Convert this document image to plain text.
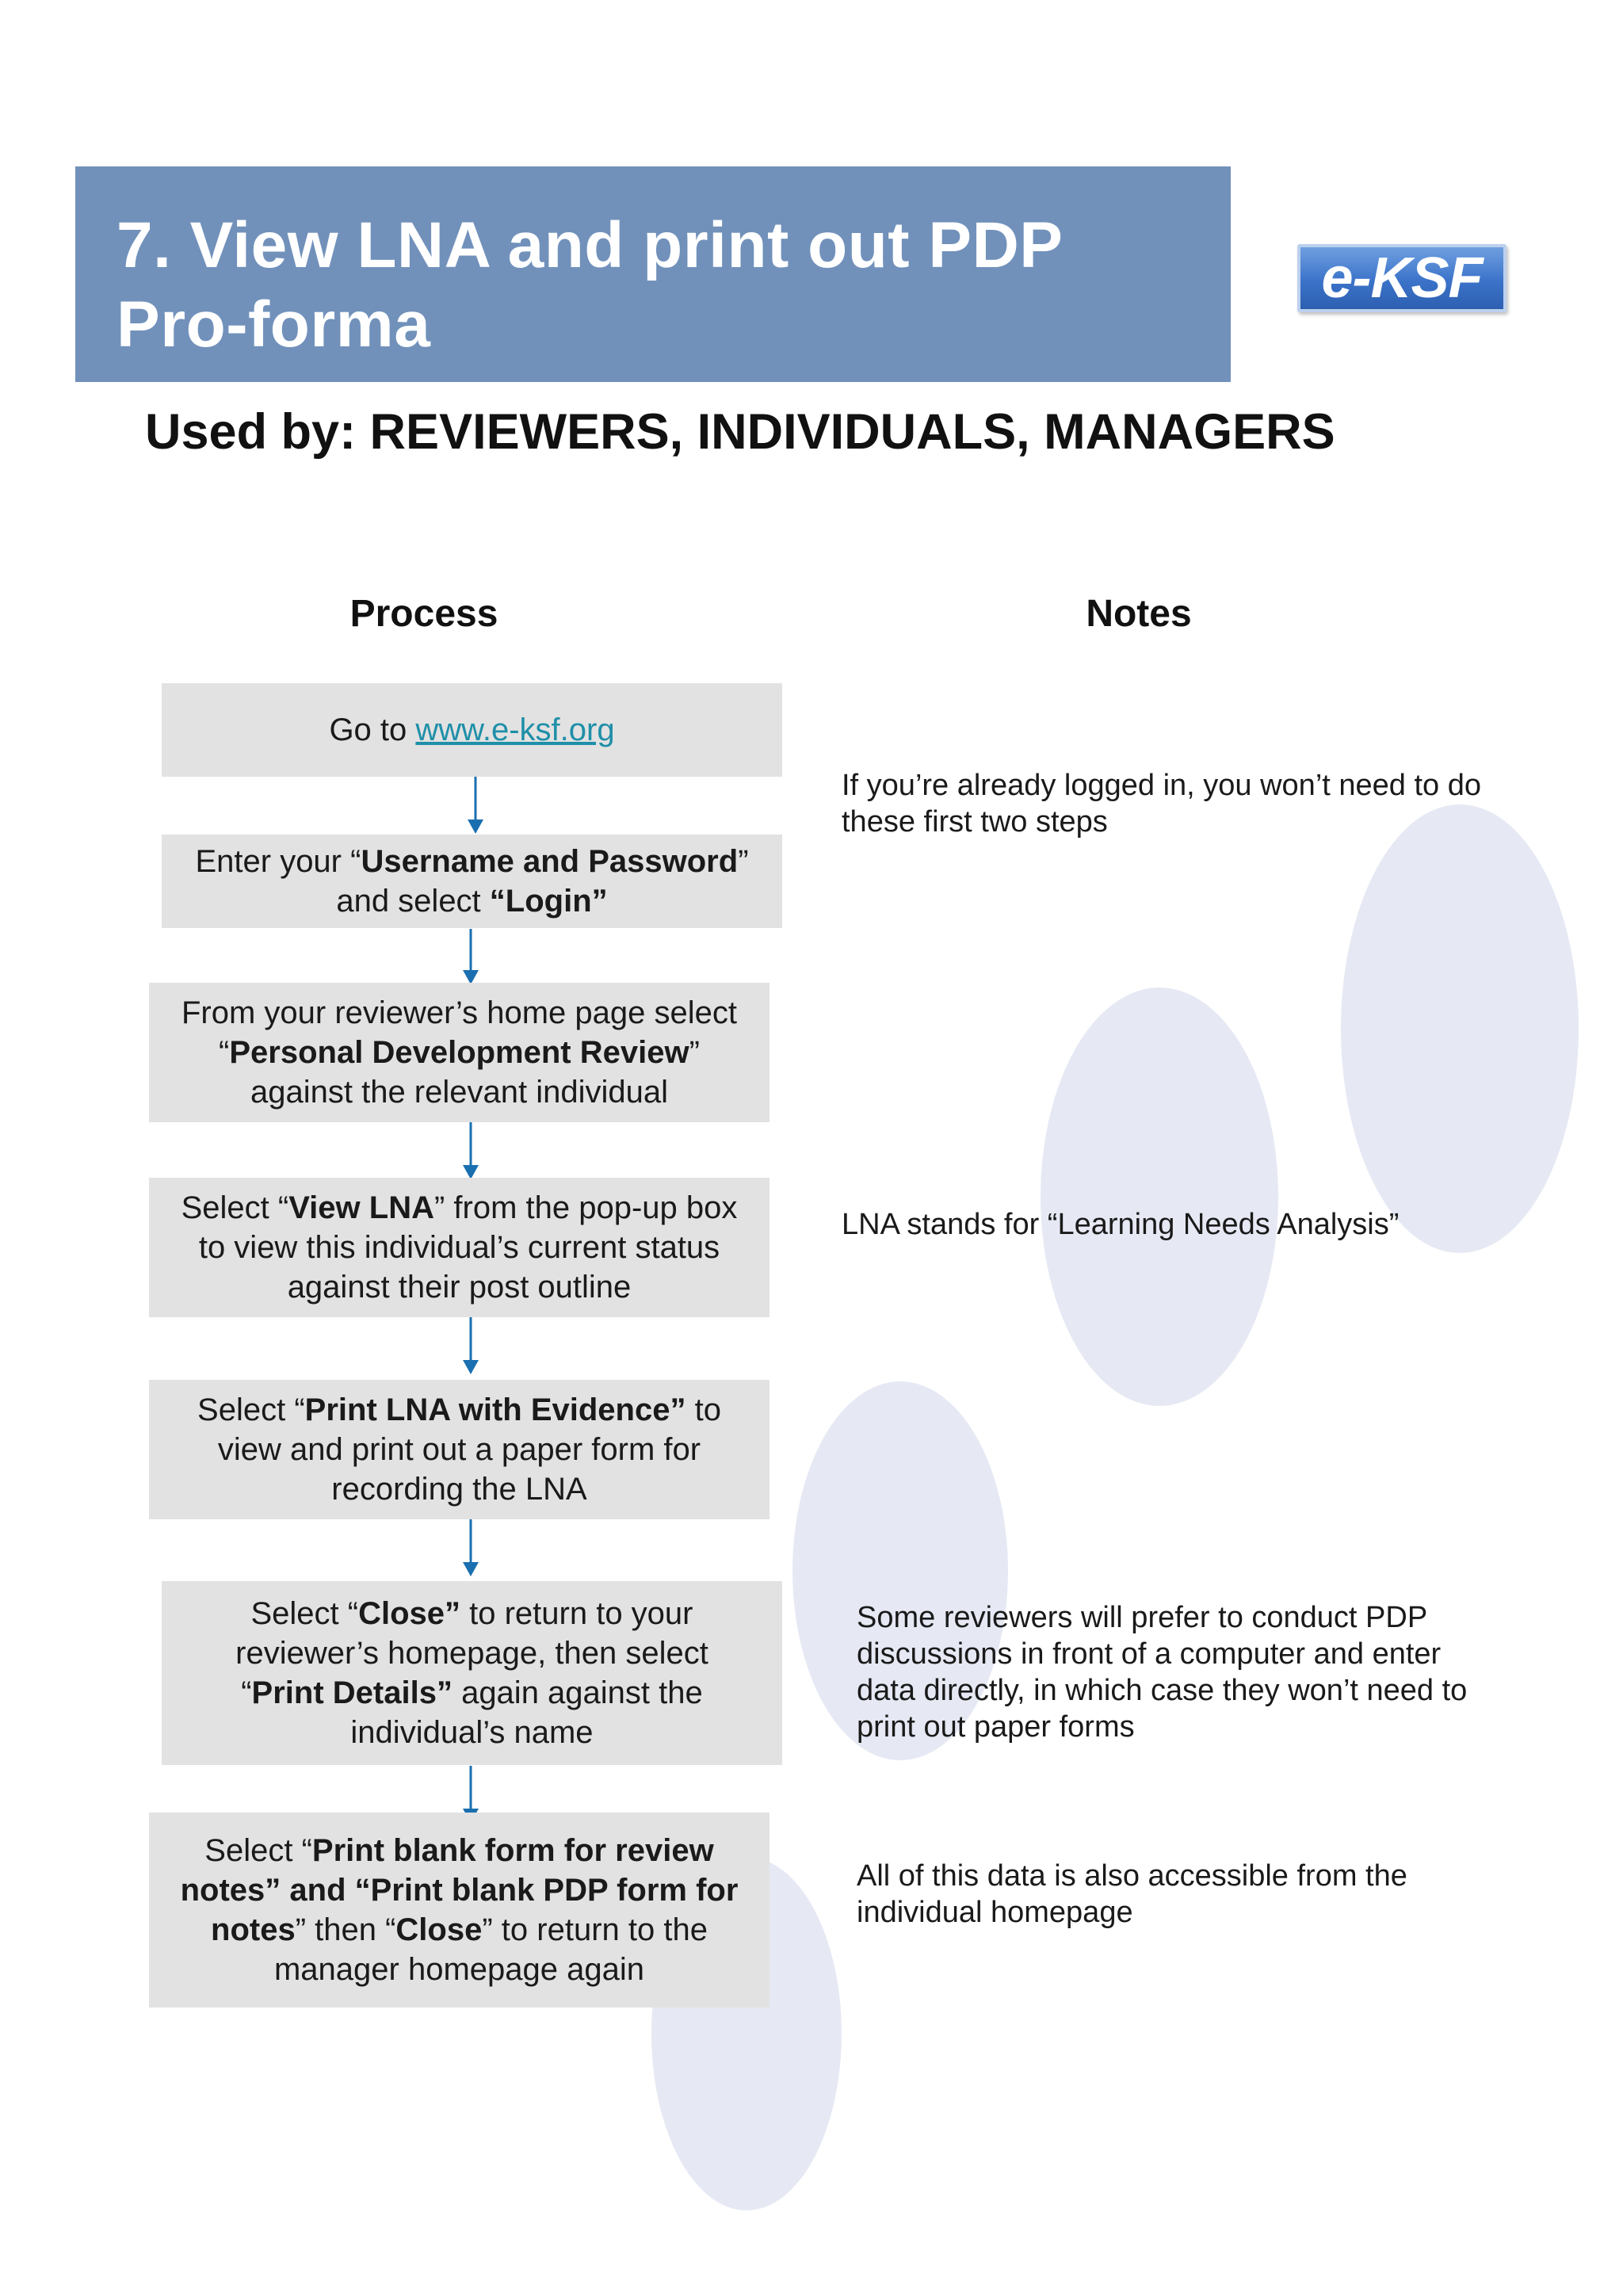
7. View LNA and print out PDP
Pro-forma
e-KSF
Used by: REVIEWERS, INDIVIDUALS, MANAGERS
Process	Notes
Go to www.e-ksf.org
Enter your “Username and Password”
and select “Login”
From your reviewer’s home page select
“Personal Development Review”
against the relevant individual
Select “View LNA” from the pop-up box
to view this individual’s current status
against their post outline
Select “Print LNA with Evidence” to
view and print out a paper form for
recording the LNA
Select “Close” to return to your
reviewer’s homepage, then select
“Print Details” again against the
individual’s name
Select “Print blank form for review
notes” and “Print blank PDP form for
notes” then “Close” to return to the
manager homepage again
If you’re already logged in, you won’t need to do
these first two steps
LNA stands for “Learning Needs Analysis”
Some reviewers will prefer to conduct PDP
discussions in front of a computer and enter
data directly, in which case they won’t need to
print out paper forms
All of this data is also accessible from the
individual homepage
